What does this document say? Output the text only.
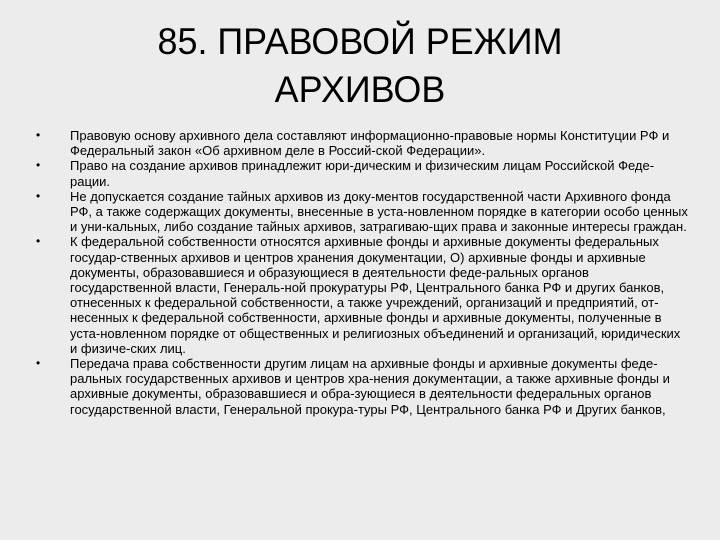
85. ПРАВОВОЙ РЕЖИМ
АРХИВОВ
• Правовую основу архивного дела составляют информационно-правовые нормы Конституции РФ и Федеральный закон «Об архивном деле в Россий-ской Федерации».
• Право на создание архивов принадлежит юри-дическим и физическим лицам Российской Феде-рации.
• Не допускается создание тайных архивов из доку-ментов государственной части Архивного фонда РФ, а также содержащих документы, внесенные в уста-новленном порядке в категории особо ценных и уни-кальных, либо создание тайных архивов, затрагиваю-щих права и законные интересы граждан.
• К федеральной собственности относятся архивные фонды и архивные документы федеральных государ-ственных архивов и центров хранения документации, О) архивные фонды и архивные документы, образовавшиеся и образующиеся в деятельности феде-ральных органов государственной власти, Генераль-ной прокуратуры РФ, Центрального банка РФ и других банков, отнесенных к федеральной собственности, а также учреждений, организаций и предприятий, от-несенных к федеральной собственности, архивные фонды и архивные документы, полученные в уста-новленном порядке от общественных и религиозных объединений и организаций, юридических и физиче-ских лиц.
• Передача права собственности другим лицам на архивные фонды и архивные документы феде-ральных государственных архивов и центров хра-нения документации, а также архивные фонды и архивные документы, образовавшиеся и обра-зующиеся в деятельности федеральных органов государственной власти, Генеральной прокура-туры РФ, Центрального банка РФ и Других банков,
